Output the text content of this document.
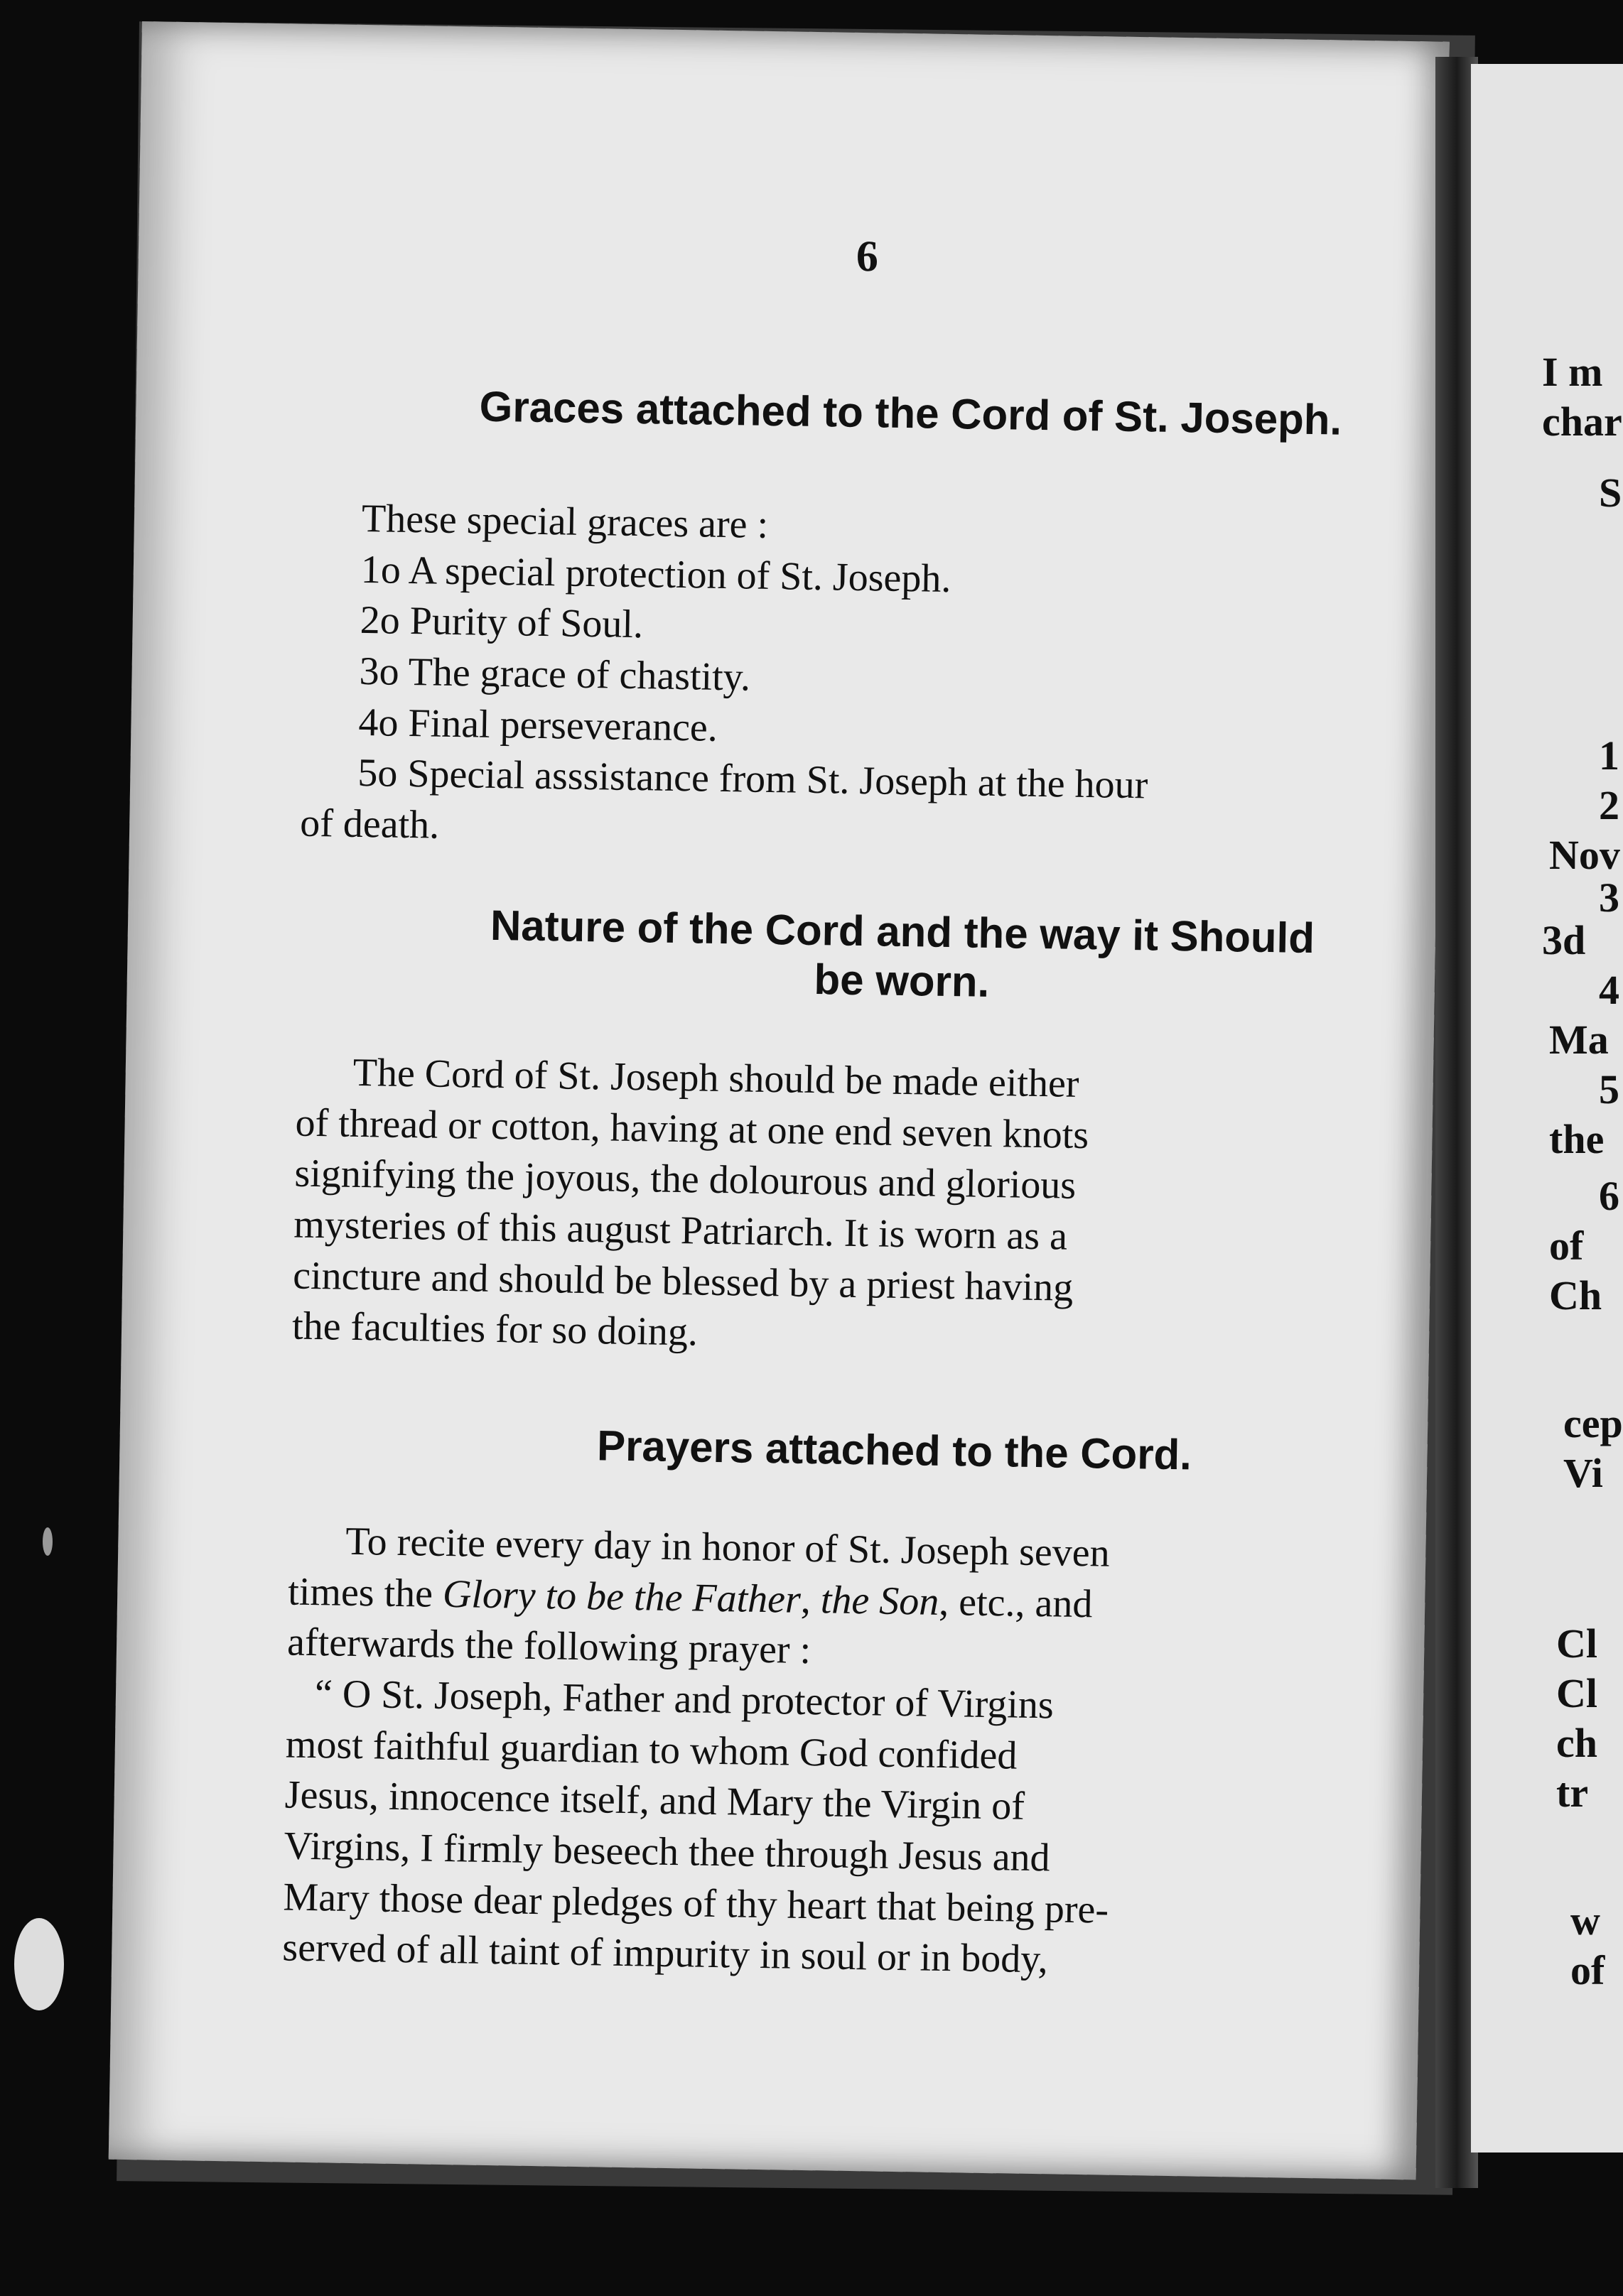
6
Graces attached to the Cord of St. Joseph.
These special graces are :
1o A special protection of St. Joseph.
2o Purity of Soul.
3o The grace of chastity.
4o Final perseverance.
5o Special asssistance from St. Joseph at the hour
of death.
Nature of the Cord and the way it Should
be worn.
The Cord of St. Joseph should be made either
of thread or cotton, having at one end seven knots
signifying the joyous, the dolourous and glorious
mysteries of this august Patriarch. It is worn as a
cincture and should be blessed by a priest having
the faculties for so doing.
Prayers attached to the Cord.
To recite every day in honor of St. Joseph seven
times the Glory to be the Father, the Son, etc., and
afterwards the following prayer :
“ O St. Joseph, Father and protector of Virgins
most faithful guardian to whom God confided
Jesus, innocence itself, and Mary the Virgin of
Virgins, I firmly beseech thee through Jesus and
Mary those dear pledges of thy heart that being pre-
served of all taint of impurity in soul or in body,
I m
char
S
1
2
Nov
3
3d
4
Ma
5
the
6
of
Ch
cep
Vi
Cl
Cl
ch
tr
w
of
